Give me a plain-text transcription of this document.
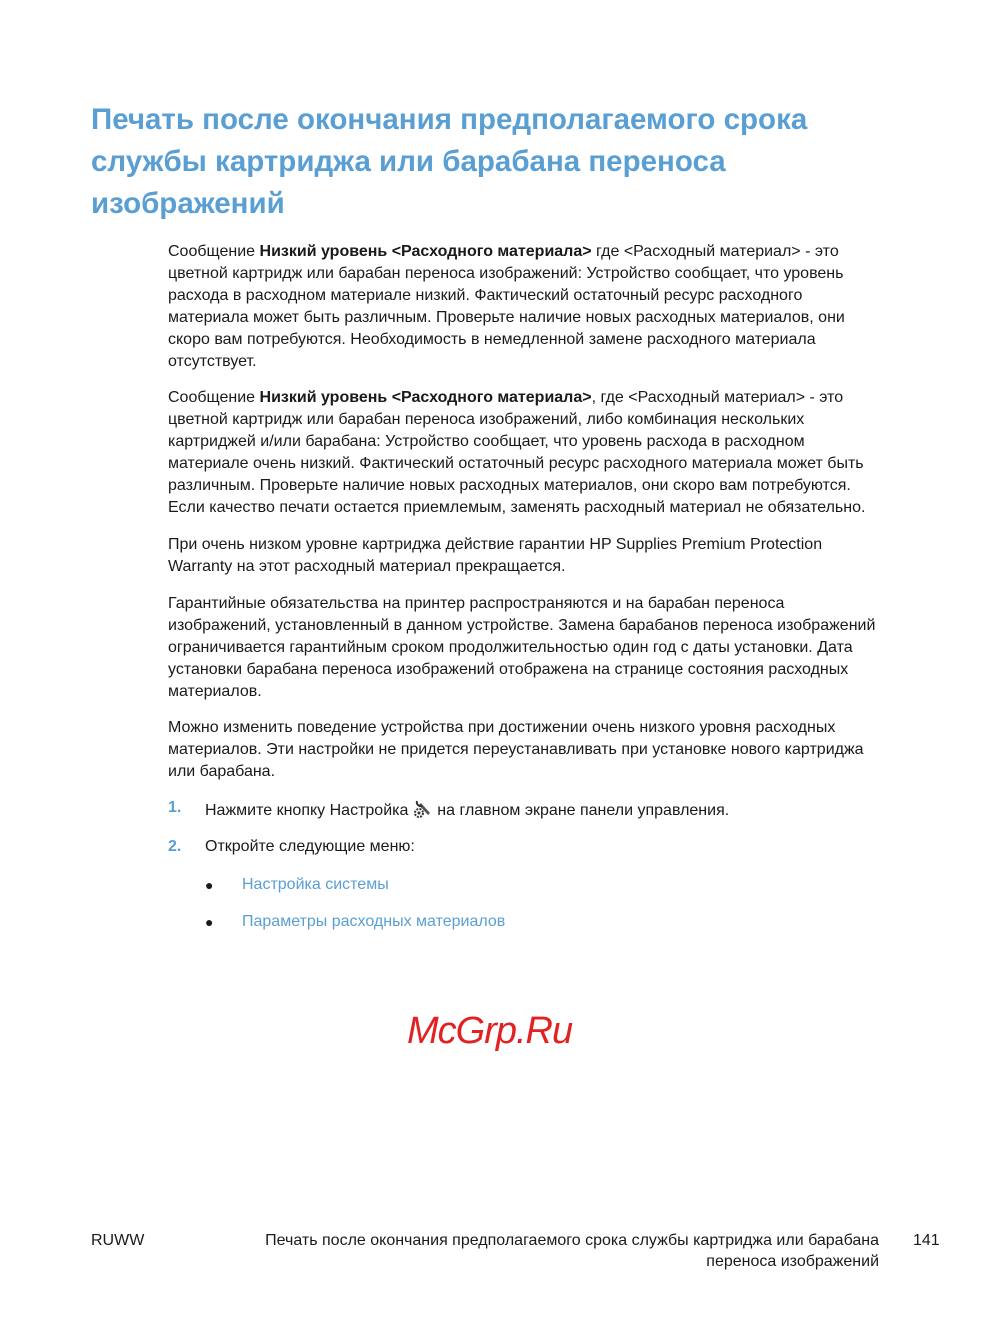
Печать после окончания предполагаемого срока
службы картриджа или барабана переноса
изображений
Сообщение Низкий уровень <Расходного материала> где <Расходный материал> - это
цветной картридж или барабан переноса изображений: Устройство сообщает, что уровень
расхода в расходном материале низкий. Фактический остаточный ресурс расходного
материала может быть различным. Проверьте наличие новых расходных материалов, они
скоро вам потребуются. Необходимость в немедленной замене расходного материала
отсутствует.
Сообщение Низкий уровень <Расходного материала>, где <Расходный материал> - это
цветной картридж или барабан переноса изображений, либо комбинация нескольких
картриджей и/или барабана: Устройство сообщает, что уровень расхода в расходном
материале очень низкий. Фактический остаточный ресурс расходного материала может быть
различным. Проверьте наличие новых расходных материалов, они скоро вам потребуются.
Если качество печати остается приемлемым, заменять расходный материал не обязательно.
При очень низком уровне картриджа действие гарантии HP Supplies Premium Protection
Warranty на этот расходный материал прекращается.
Гарантийные обязательства на принтер распространяются и на барабан переноса
изображений, установленный в данном устройстве. Замена барабанов переноса изображений
ограничивается гарантийным сроком продолжительностью один год с даты установки. Дата
установки барабана переноса изображений отображена на странице состояния расходных
материалов.
Можно изменить поведение устройства при достижении очень низкого уровня расходных
материалов. Эти настройки не придется переустанавливать при установке нового картриджа
или барабана.
1. Нажмите кнопку Настройка  на главном экране панели управления.
2. Откройте следующие меню:
● Настройка системы
● Параметры расходных материалов
McGrp.Ru
RUWW	Печать после окончания предполагаемого срока службы картриджа или барабана
переноса изображений
141
